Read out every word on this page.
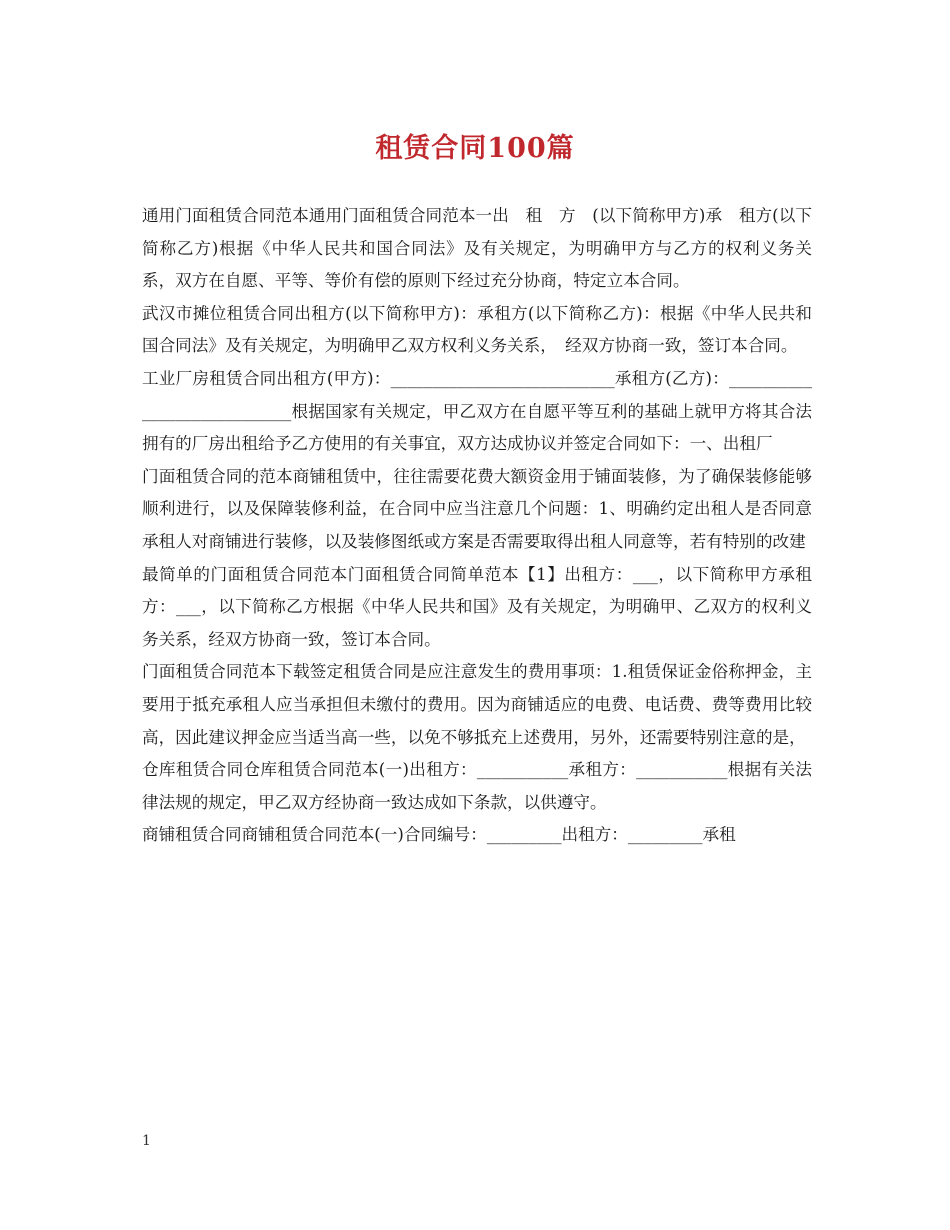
租赁合同100篇

通用门面租赁合同范本通用门面租赁合同范本一出　租　方　(以下简称甲方)承　租方(以下简称乙方)根据《中华人民共和国合同法》及有关规定，为明确甲方与乙方的权利义务关系，双方在自愿、平等、等价有偿的原则下经过充分协商，特定立本合同。

武汉市摊位租赁合同出租方(以下简称甲方)：承租方(以下简称乙方)：根据《中华人民共和国合同法》及有关规定，为明确甲乙双方权利义务关系，　经双方协商一致，签订本合同。

工业厂房租赁合同出租方(甲方)：___________________________承租方(乙方)：____________________________根据国家有关规定，甲乙双方在自愿平等互利的基础上就甲方将其合法拥有的厂房出租给予乙方使用的有关事宜，双方达成协议并签定合同如下：一、出租厂

门面租赁合同的范本商铺租赁中，往往需要花费大额资金用于铺面装修，为了确保装修能够顺利进行，以及保障装修利益，在合同中应当注意几个问题：1、明确约定出租人是否同意承租人对商铺进行装修，以及装修图纸或方案是否需要取得出租人同意等，若有特别的改建

最简单的门面租赁合同范本门面租赁合同简单范本【1】出租方：___，以下简称甲方承租方：___，以下简称乙方根据《中华人民共和国》及有关规定，为明确甲、乙双方的权利义务关系，经双方协商一致，签订本合同。

门面租赁合同范本下载签定租赁合同是应注意发生的费用事项：1.租赁保证金俗称押金，主要用于抵充承租人应当承担但未缴付的费用。因为商铺适应的电费、电话费、费等费用比较高，因此建议押金应当适当高一些，以免不够抵充上述费用，另外，还需要特别注意的是，

仓库租赁合同仓库租赁合同范本(一)出租方：___________承租方：___________根据有关法律法规的规定，甲乙双方经协商一致达成如下条款，以供遵守。

商铺租赁合同商铺租赁合同范本(一)合同编号：_________出租方：_________承租

1
